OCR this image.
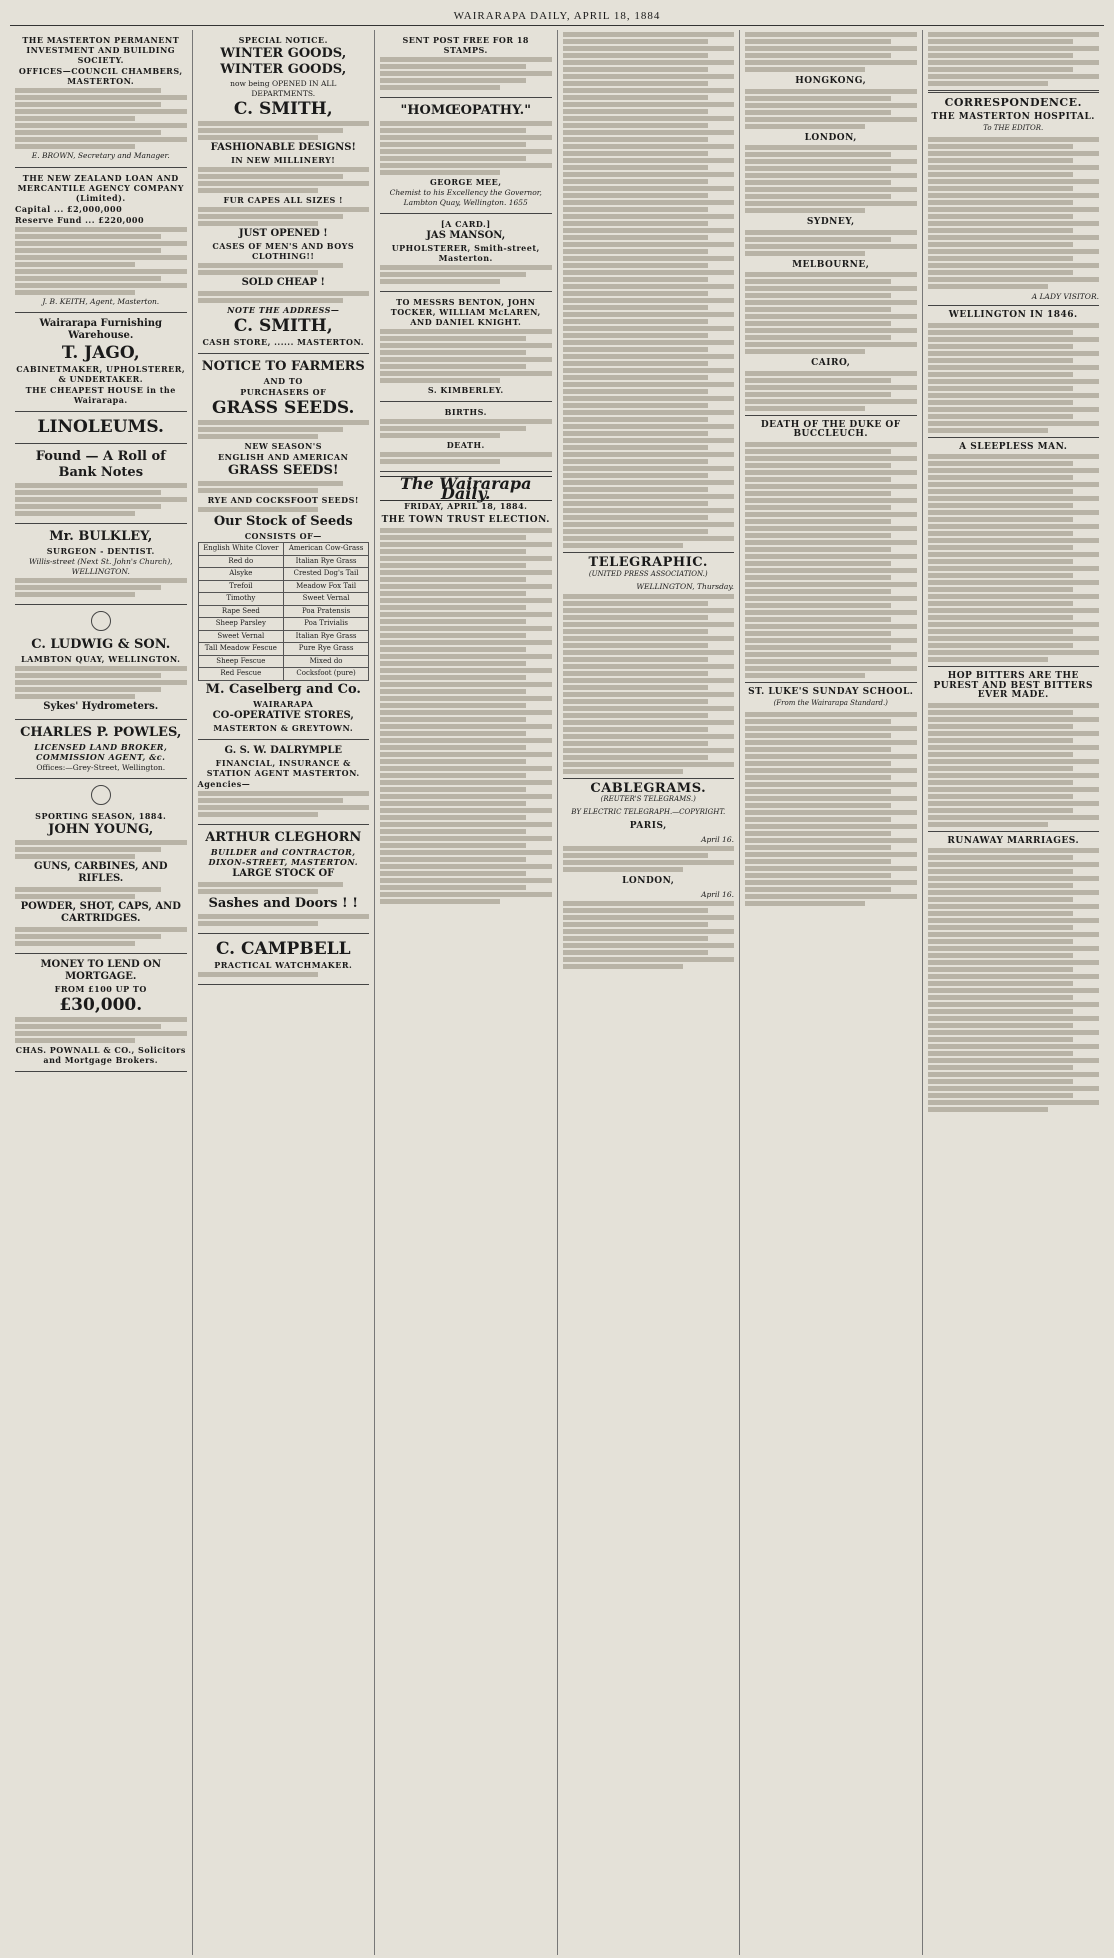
WAIRARAPA DAILY, APRIL 18, 1884

THE MASTERTON PERMANENT INVESTMENT AND BUILDING SOCIETY.

OFFICES—COUNCIL CHAMBERS, MASTERTON.

E. BROWN, Secretary and Manager.

THE NEW ZEALAND LOAN AND MERCANTILE AGENCY COMPANY (Limited).

Capital ... £2,000,000

Reserve Fund ... £220,000

J. B. KEITH, Agent, Masterton.

Wairarapa Furnishing Warehouse.

T. JAGO,

CABINETMAKER, UPHOLSTERER, & UNDERTAKER.

THE CHEAPEST HOUSE in the Wairarapa.

LINOLEUMS.

Found — A Roll of Bank Notes

Mr. BULKLEY,

SURGEON - DENTIST.

Willis-street (Next St. John's Church), WELLINGTON.

C. LUDWIG & SON.

LAMBTON QUAY, WELLINGTON.

Sykes' Hydrometers.

CHARLES P. POWLES,

LICENSED LAND BROKER, COMMISSION AGENT, &c.

Offices:—Grey-Street, Wellington.

SPORTING SEASON, 1884.

JOHN YOUNG,

GUNS, CARBINES, AND RIFLES.

POWDER, SHOT, CAPS, AND CARTRIDGES.

MONEY TO LEND ON MORTGAGE.

FROM £100 UP TO

£30,000.

CHAS. POWNALL & CO., Solicitors and Mortgage Brokers.

SPECIAL NOTICE.

WINTER GOODS, WINTER GOODS,

now being OPENED IN ALL DEPARTMENTS.

C. SMITH,

FASHIONABLE DESIGNS!

IN NEW MILLINERY!

FUR CAPES ALL SIZES !

JUST OPENED !

CASES OF MEN'S AND BOYS CLOTHING!!

SOLD CHEAP !

NOTE THE ADDRESS—

C. SMITH,

CASH STORE, ...... MASTERTON.

NOTICE TO FARMERS

AND TO

PURCHASERS OF

GRASS SEEDS.

NEW SEASON'S

ENGLISH AND AMERICAN

GRASS SEEDS!

RYE AND COCKSFOOT SEEDS!

Our Stock of Seeds

CONSISTS OF—

English White Clover	American Cow-Grass
Red do	Italian Rye Grass
Alsyke	Crested Dog's Tail
Trefoil	Meadow Fox Tail
Timothy	Sweet Vernal
Rape Seed	Poa Pratensis
Sheep Parsley	Poa Trivialis
Sweet Vernal	Italian Rye Grass
Tall Meadow Fescue	Pure Rye Grass
Sheep Fescue	Mixed do
Red Fescue	Cocksfoot (pure)

M. Caselberg and Co.

WAIRARAPA

CO-OPERATIVE STORES,

MASTERTON & GREYTOWN.

G. S. W. DALRYMPLE

FINANCIAL, INSURANCE & STATION AGENT MASTERTON.

Agencies—

ARTHUR CLEGHORN

BUILDER and CONTRACTOR, DIXON-STREET, MASTERTON.

LARGE STOCK OF

Sashes and Doors ! !

C. CAMPBELL

PRACTICAL WATCHMAKER.

SENT POST FREE FOR 18 STAMPS.

"HOMŒOPATHY."

GEORGE MEE,

Chemist to his Excellency the Governor, Lambton Quay, Wellington. 1655

[A CARD.]

JAS MANSON,

UPHOLSTERER, Smith-street, Masterton.

TO MESSRS BENTON, JOHN TOCKER, WILLIAM McLAREN, AND DANIEL KNIGHT.

S. KIMBERLEY.

BIRTHS.

DEATH.

The Wairarapa Daily.
FRIDAY, APRIL 18, 1884.

THE TOWN TRUST ELECTION.

TELEGRAPHIC.

(UNITED PRESS ASSOCIATION.)

WELLINGTON, Thursday.

CABLEGRAMS.

(REUTER'S TELEGRAMS.)

BY ELECTRIC TELEGRAPH.—COPYRIGHT.

PARIS,

April 16.

LONDON,

April 16.

HONGKONG,

LONDON,

SYDNEY,

MELBOURNE,

CAIRO,

DEATH OF THE DUKE OF BUCCLEUCH.

ST. LUKE'S SUNDAY SCHOOL.

(From the Wairarapa Standard.)

CORRESPONDENCE.

THE MASTERTON HOSPITAL.

To THE EDITOR.

A LADY VISITOR.

WELLINGTON IN 1846.

A SLEEPLESS MAN.

HOP BITTERS ARE THE PUREST AND BEST BITTERS EVER MADE.

RUNAWAY MARRIAGES.
